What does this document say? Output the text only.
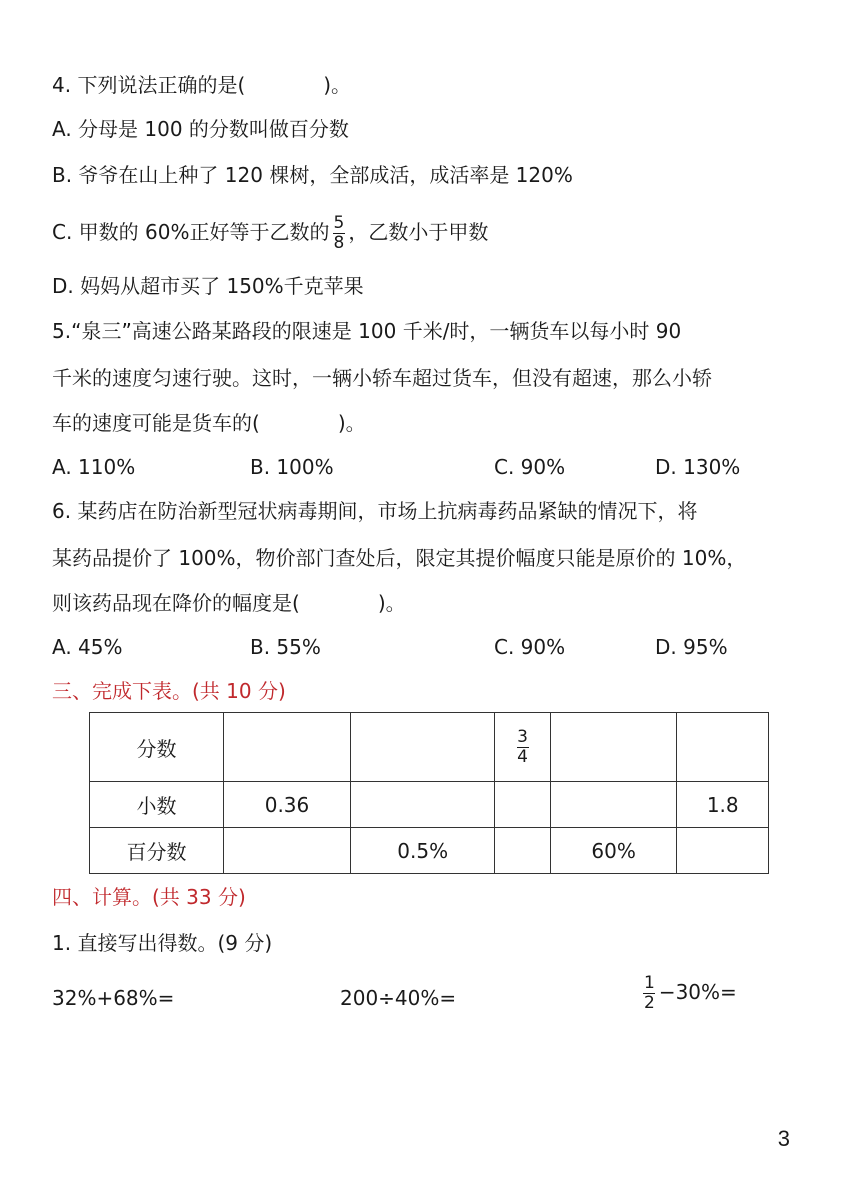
4. 下列说法正确的是(	)。
A. 分母是 100 的分数叫做百分数
B. 爷爷在山上种了 120 棵树，全部成活，成活率是 120%
C. 甲数的 60%正好等于乙数的 $\frac{5}{8}$ ，乙数小于甲数
D. 妈妈从超市买了 150%千克苹果
5.“泉三”高速公路某路段的限速是 100 千米/时，一辆货车以每小时 90
千米的速度匀速行驶。这时，一辆小轿车超过货车，但没有超速，那么小轿
车的速度可能是货车的(	)。
A. 110%	B. 100%	C. 90%	D. 130%
6. 某药店在防治新型冠状病毒期间，市场上抗病毒药品紧缺的情况下，将
某药品提价了 100%，物价部门查处后，限定其提价幅度只能是原价的 10%，
则该药品现在降价的幅度是(	)。
A. 45%	B. 55%	C. 90%	D. 95%
三、完成下表。(共 10 分)
分数			$\frac{3}{4}$

小数	0.36				1.8
百分数		0.5%		60%	
四、计算。(共 33 分)
1. 直接写出得数。(9 分)
32%+68%=	200÷40%=	$\frac{1}{2} -30\%=$
3
